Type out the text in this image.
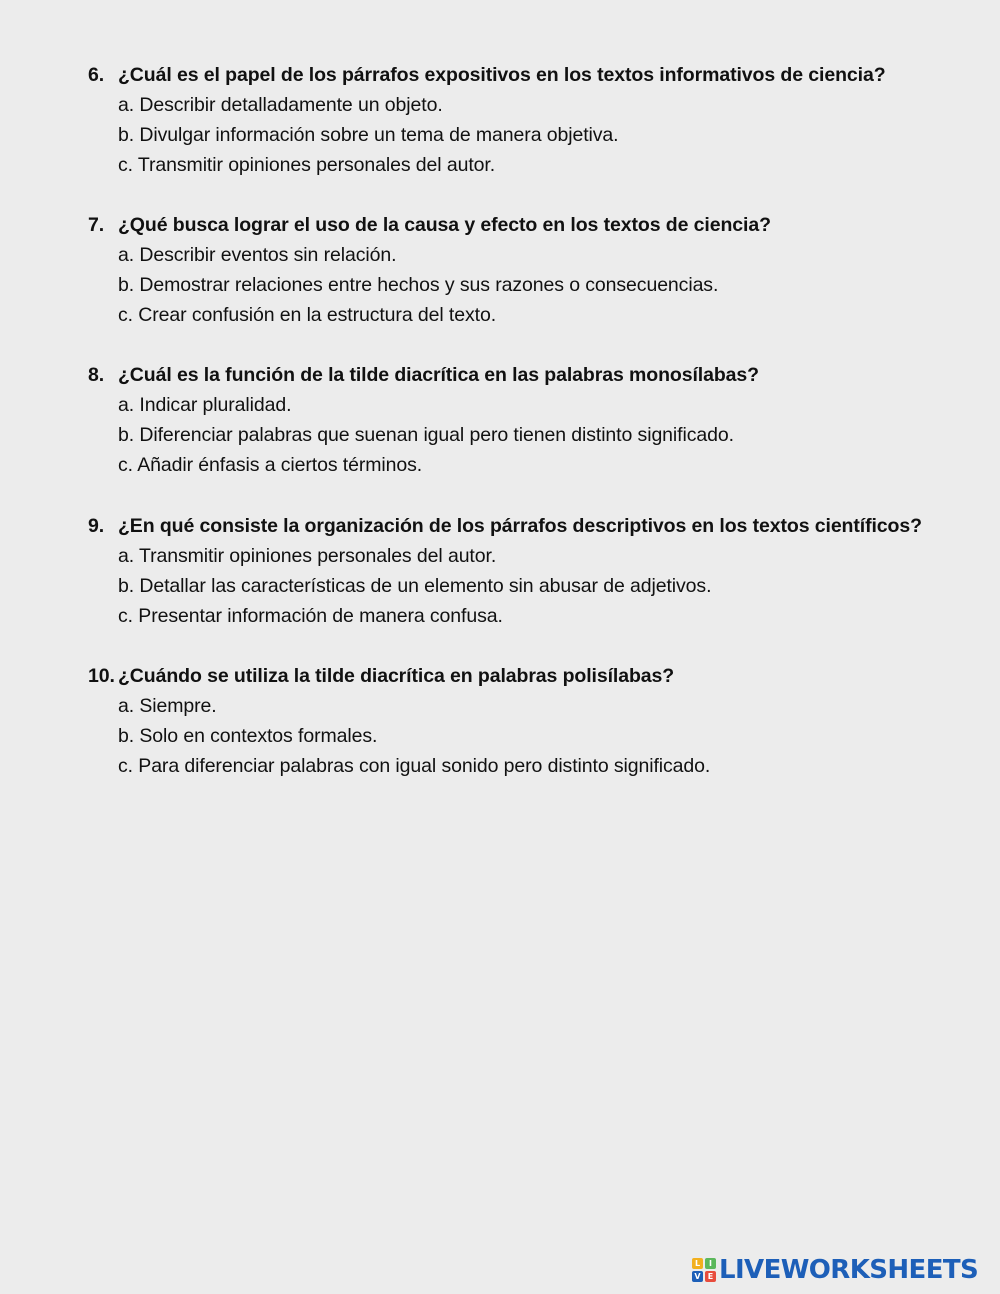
6. ¿Cuál es el papel de los párrafos expositivos en los textos informativos de ciencia?
a. Describir detalladamente un objeto.
b. Divulgar información sobre un tema de manera objetiva.
c. Transmitir opiniones personales del autor.
7. ¿Qué busca lograr el uso de la causa y efecto en los textos de ciencia?
a. Describir eventos sin relación.
b. Demostrar relaciones entre hechos y sus razones o consecuencias.
c. Crear confusión en la estructura del texto.
8. ¿Cuál es la función de la tilde diacrítica en las palabras monosílabas?
a. Indicar pluralidad.
b. Diferenciar palabras que suenan igual pero tienen distinto significado.
c. Añadir énfasis a ciertos términos.
9. ¿En qué consiste la organización de los párrafos descriptivos en los textos científicos?
a. Transmitir opiniones personales del autor.
b. Detallar las características de un elemento sin abusar de adjetivos.
c. Presentar información de manera confusa.
10. ¿Cuándo se utiliza la tilde diacrítica en palabras polisílabas?
a. Siempre.
b. Solo en contextos formales.
c. Para diferenciar palabras con igual sonido pero distinto significado.
L	I
V E LIVEWORKSHEETS
